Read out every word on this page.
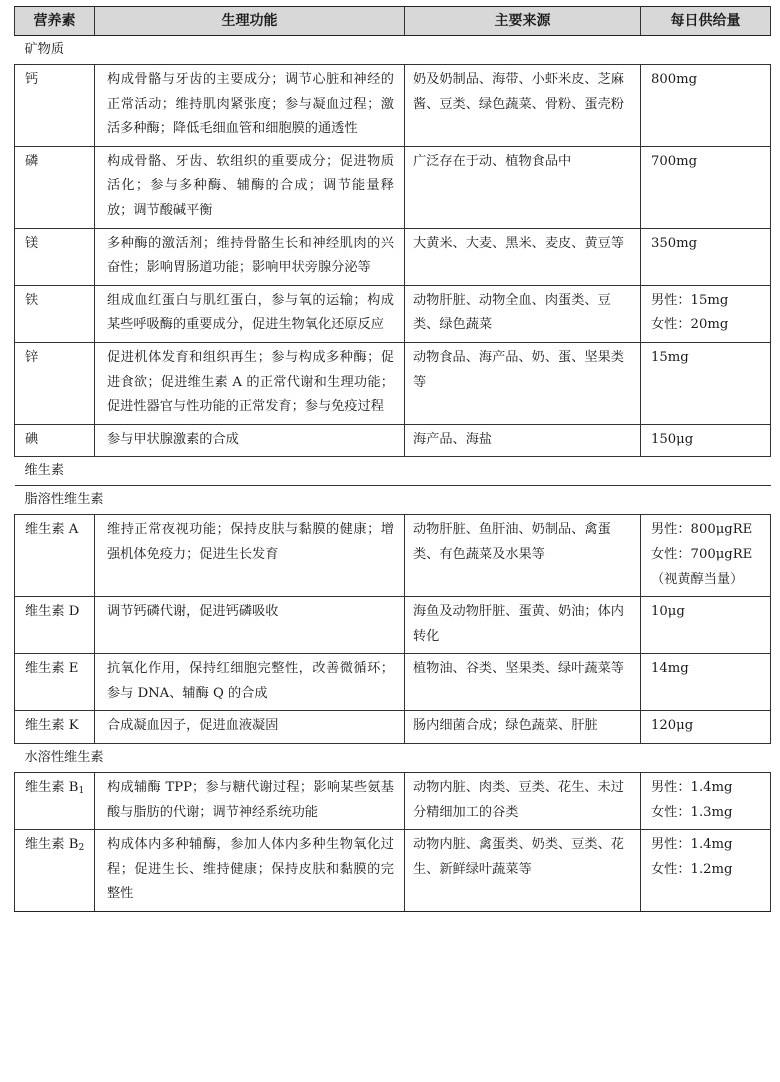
营养素	生理功能	主要来源	每日供给量
矿物质			
钙	构成骨骼与牙齿的主要成分；调节心脏和神经的正常活动；维持肌肉紧张度；参与凝血过程；激活多种酶；降低毛细血管和细胞膜的通透性	奶及奶制品、海带、小虾米皮、芝麻酱、豆类、绿色蔬菜、骨粉、蛋壳粉	800mg

磷	构成骨骼、牙齿、软组织的重要成分；促进物质活化；参与多种酶、辅酶的合成；调节能量释放；调节酸碱平衡	广泛存在于动、植物食品中	700mg

镁	多种酶的激活剂；维持骨骼生长和神经肌肉的兴奋性；影响胃肠道功能；影响甲状旁腺分泌等	大黄米、大麦、黑米、麦皮、黄豆等	350mg

铁	组成血红蛋白与肌红蛋白，参与氧的运输；构成某些呼吸酶的重要成分，促进生物氧化还原反应	动物肝脏、动物全血、肉蛋类、豆类、绿色蔬菜	男性：15mg
女性：20mg

锌	促进机体发育和组织再生；参与构成多种酶；促进食欲；促进维生素 A 的正常代谢和生理功能；促进性器官与性功能的正常发育；参与免疫过程	动物食品、海产品、奶、蛋、坚果类等	15mg

碘	参与甲状腺激素的合成	海产品、海盐	150μg

维生素			
脂溶性维生素			
维生素 A	维持正常夜视功能；保持皮肤与黏膜的健康；增强机体免疫力；促进生长发育	动物肝脏、鱼肝油、奶制品、禽蛋类、有色蔬菜及水果等	男性：800μgRE
女性：700μgRE
（视黄醇当量）

维生素 D	调节钙磷代谢，促进钙磷吸收	海鱼及动物肝脏、蛋黄、奶油；体内转化	10μg

维生素 E	抗氧化作用，保持红细胞完整性，改善微循环；参与 DNA、辅酶 Q 的合成	植物油、谷类、坚果类、绿叶蔬菜等	14mg

维生素 K	合成凝血因子，促进血液凝固	肠内细菌合成；绿色蔬菜、肝脏	120μg

水溶性维生素			
维生素 B1	构成辅酶 TPP；参与糖代谢过程；影响某些氨基酸与脂肪的代谢；调节神经系统功能	动物内脏、肉类、豆类、花生、未过分精细加工的谷类	男性：1.4mg
女性：1.3mg

维生素 B2	构成体内多种辅酶，参加人体内多种生物氧化过程；促进生长、维持健康；保持皮肤和黏膜的完整性	动物内脏、禽蛋类、奶类、豆类、花生、新鲜绿叶蔬菜等	男性：1.4mg
女性：1.2mg
